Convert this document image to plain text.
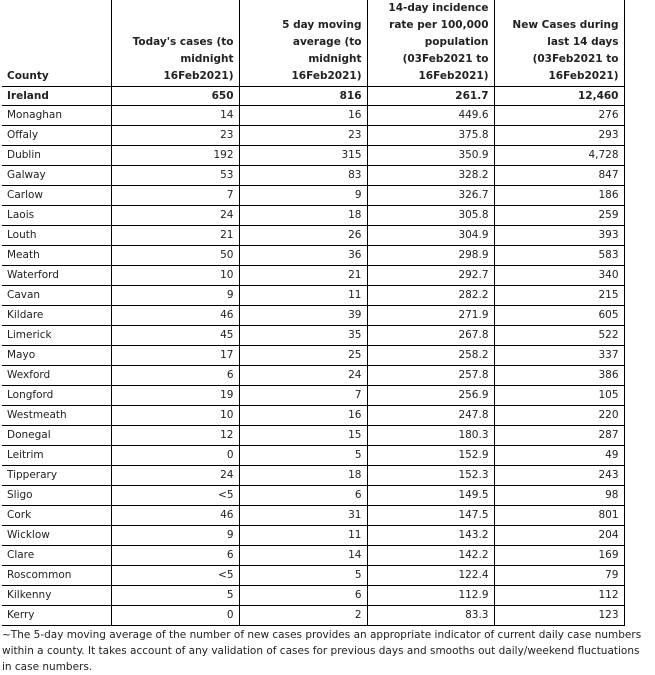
County	Today's cases (to midnight 16Feb2021)	5 day moving average (to midnight 16Feb2021)	14-day incidence rate per 100,000 population (03Feb2021 to 16Feb2021)	New Cases during last 14 days (03Feb2021 to 16Feb2021)
Ireland	650	816	261.7	12,460
Monaghan	14	16	449.6	276
Offaly	23	23	375.8	293
Dublin	192	315	350.9	4,728
Galway	53	83	328.2	847
Carlow	7	9	326.7	186
Laois	24	18	305.8	259
Louth	21	26	304.9	393
Meath	50	36	298.9	583
Waterford	10	21	292.7	340
Cavan	9	11	282.2	215
Kildare	46	39	271.9	605
Limerick	45	35	267.8	522
Mayo	17	25	258.2	337
Wexford	6	24	257.8	386
Longford	19	7	256.9	105
Westmeath	10	16	247.8	220
Donegal	12	15	180.3	287
Leitrim	0	5	152.9	49
Tipperary	24	18	152.3	243
Sligo	<5	6	149.5	98
Cork	46	31	147.5	801
Wicklow	9	11	143.2	204
Clare	6	14	142.2	169
Roscommon	<5	5	122.4	79
Kilkenny	5	6	112.9	112
Kerry	0	2	83.3	123
~The 5-day moving average of the number of new cases provides an appropriate indicator of current daily case numbers within a county. It takes account of any validation of cases for previous days and smooths out daily/weekend fluctuations in case numbers.
